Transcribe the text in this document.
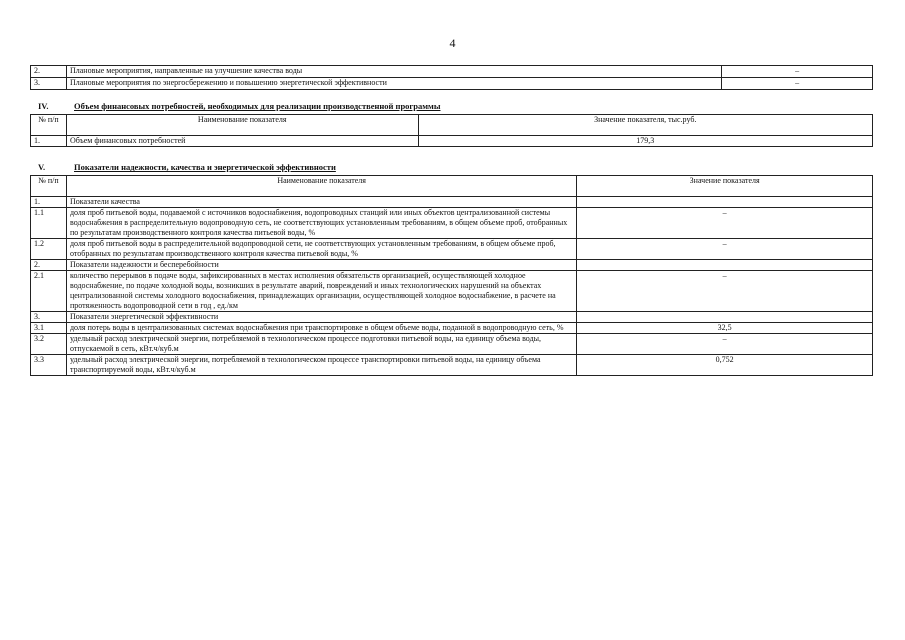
4
2.	Плановые мероприятия, направленные на улучшение качества воды	–
3.	Плановые мероприятия по энергосбережению и повышению энергетической эффективности	–
IV.	Объем финансовых потребностей, необходимых для реализации производственной программы
№ п/п	Наименование показателя	Значение показателя, тыс.руб.
1.	Объем финансовых потребностей	179,3
V.	Показатели надежности, качества и энергетической эффективности
№ п/п	Наименование показателя	Значение показателя
1.	Показатели качества	
1.1	доля проб питьевой воды, подаваемой с источников водоснабжения, водопроводных станций или иных объектов централизованной системы водоснабжения в распределительную водопроводную сеть, не соответствующих установленным требованиям, в общем объеме проб, отобранных по результатам производственного контроля качества питьевой воды, %	–
1.2	доля проб питьевой воды в распределительной водопроводной сети, не соответствующих установленным требованиям, в общем объеме проб, отобранных по результатам производственного контроля качества питьевой воды, %	–
2.	Показатели надежности и бесперебойности	
2.1	количество перерывов в подаче воды, зафиксированных в местах исполнения обязательств организацией, осуществляющей холодное водоснабжение, по подаче холодной воды, возникших в результате аварий, повреждений и иных технологических нарушений на объектах централизованной системы холодного водоснабжения, принадлежащих организации, осуществляющей холодное водоснабжение, в расчете на протяженность водопроводной сети в год , ед./км	–
3.	Показатели энергетической эффективности	
3.1	доля потерь воды в централизованных системах водоснабжения при транспортировке в общем объеме воды, поданной в водопроводную сеть, %	32,5
3.2	удельный расход электрической энергии, потребляемой в технологическом процессе подготовки питьевой воды, на единицу объема воды, отпускаемой в сеть, кВт.ч/куб.м	–
3.3	удельный расход электрической энергии, потребляемой в технологическом процессе транспортировки питьевой воды, на единицу объема транспортируемой воды, кВт.ч/куб.м	0,752
